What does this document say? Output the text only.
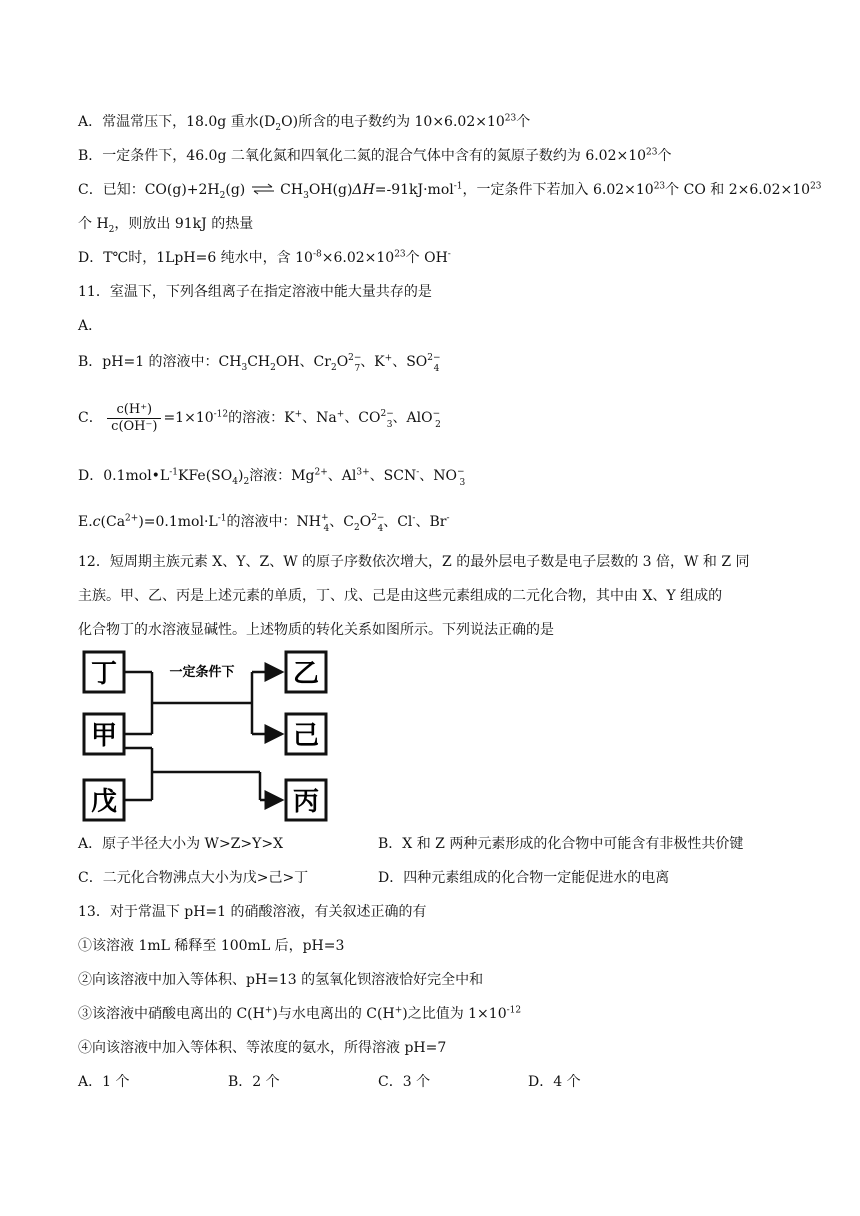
A．常温常压下，18.0g 重水$(D_2O)$所含的电子数约为 $10\times 6.02\times 10^{23}$个
B．一定条件下，46.0g 二氧化氮和四氧化二氮的混合气体中含有的氮原子数约为 $6.02\times 10^{23}$个
C．已知：$CO(g)+2H_2(g)$ ⇌ $CH_3OH(g)\Delta H=-91kJ\cdot mol^{-1}$，一定条件下若加入 $6.02\times 10^{23}$个 CO 和 $2\times 6.02\times 10^{23}$
个 $H_2$，则放出 91kJ 的热量
D．T℃时，1LpH=6 纯水中，含 $10^{-8}\times 6.02\times 10^{23}$个 OH-
11．室温下，下列各组离子在指定溶液中能大量共存的是
A．
B．pH=1 的溶液中：$CH_3CH_2OH$、$Cr_2O^{2-}_7$、K+、$SO^{2-}_4$
C． $\frac{c(H^+)}{c(OH^-)} =1\times 10^{-12}$的溶液：K+、Na+、$CO^{2-}_3$、AlO−$_2$
D．$0.1mol•L^{-1}KFe(SO_4)_2$溶液：$Mg^{2+}$、$Al^{3+}$、SCN-、$NO^-_3$
$E.c(Ca^{2+})=0.1mol\cdot L^{-1}$的溶液中：$NH^+_4$、$C_2O^{2-}_4$、Cl-、Br-
12．短周期主族元素 X、Y、Z、W 的原子序数依次增大，Z 的最外层电子数是电子层数的 3 倍，W 和 Z 同
主族。甲、乙、丙是上述元素的单质，丁、戊、己是由这些元素组成的二元化合物，其中由 X、Y 组成的
化合物丁的水溶液显碱性。上述物质的转化关系如图所示。下列说法正确的是
丁
甲
戊
乙
己
丙
一定条件下
A．原子半径大小为 W>Z>Y>X	B．X 和 Z 两种元素形成的化合物中可能含有非极性共价键
C．二元化合物沸点大小为戊>己>丁	D．四种元素组成的化合物一定能促进水的电离
13．对于常温下 pH=1 的硝酸溶液，有关叙述正确的有
①该溶液 1mL 稀释至 100mL 后，pH=3
②向该溶液中加入等体积、pH=13 的氢氧化钡溶液恰好完全中和
③该溶液中硝酸电离出的 C(H+)与水电离出的 C(H+)之比值为 $1\times 10^{-12}$
④向该溶液中加入等体积、等浓度的氨水，所得溶液 pH=7
A．1 个	B．2 个	C．3 个	D．4 个
